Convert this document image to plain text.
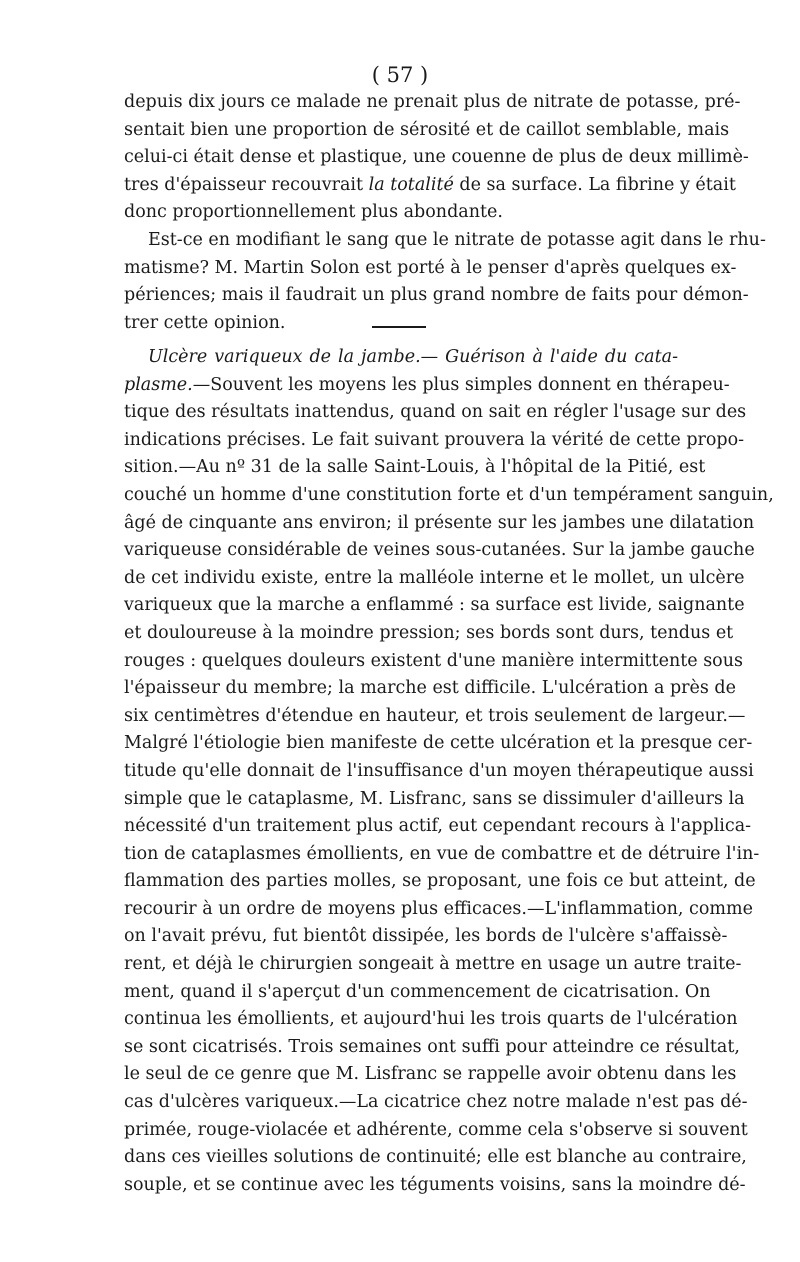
( 57 )
depuis dix jours ce malade ne prenait plus de nitrate de potasse, pré-
sentait bien une proportion de sérosité et de caillot semblable, mais
celui-ci était dense et plastique, une couenne de plus de deux millimè-
tres d'épaisseur recouvrait la totalité de sa surface. La fibrine y était
donc proportionnellement plus abondante.
Est-ce en modifiant le sang que le nitrate de potasse agit dans le rhu-
matisme? M. Martin Solon est porté à le penser d'après quelques ex-
périences; mais il faudrait un plus grand nombre de faits pour démon-
trer cette opinion.
Ulcère variqueux de la jambe.— Guérison à l'aide du cata-
plasme.—Souvent les moyens les plus simples donnent en thérapeu-
tique des résultats inattendus, quand on sait en régler l'usage sur des
indications précises. Le fait suivant prouvera la vérité de cette propo-
sition.—Au nº 31 de la salle Saint-Louis, à l'hôpital de la Pitié, est
couché un homme d'une constitution forte et d'un tempérament sanguin,
âgé de cinquante ans environ; il présente sur les jambes une dilatation
variqueuse considérable de veines sous-cutanées. Sur la jambe gauche
de cet individu existe, entre la malléole interne et le mollet, un ulcère
variqueux que la marche a enflammé : sa surface est livide, saignante
et douloureuse à la moindre pression; ses bords sont durs, tendus et
rouges : quelques douleurs existent d'une manière intermittente sous
l'épaisseur du membre; la marche est difficile. L'ulcération a près de
six centimètres d'étendue en hauteur, et trois seulement de largeur.—
Malgré l'étiologie bien manifeste de cette ulcération et la presque cer-
titude qu'elle donnait de l'insuffisance d'un moyen thérapeutique aussi
simple que le cataplasme, M. Lisfranc, sans se dissimuler d'ailleurs la
nécessité d'un traitement plus actif, eut cependant recours à l'applica-
tion de cataplasmes émollients, en vue de combattre et de détruire l'in-
flammation des parties molles, se proposant, une fois ce but atteint, de
recourir à un ordre de moyens plus efficaces.—L'inflammation, comme
on l'avait prévu, fut bientôt dissipée, les bords de l'ulcère s'affaissè-
rent, et déjà le chirurgien songeait à mettre en usage un autre traite-
ment, quand il s'aperçut d'un commencement de cicatrisation. On
continua les émollients, et aujourd'hui les trois quarts de l'ulcération
se sont cicatrisés. Trois semaines ont suffi pour atteindre ce résultat,
le seul de ce genre que M. Lisfranc se rappelle avoir obtenu dans les
cas d'ulcères variqueux.—La cicatrice chez notre malade n'est pas dé-
primée, rouge-violacée et adhérente, comme cela s'observe si souvent
dans ces vieilles solutions de continuité; elle est blanche au contraire,
souple, et se continue avec les téguments voisins, sans la moindre dé-
